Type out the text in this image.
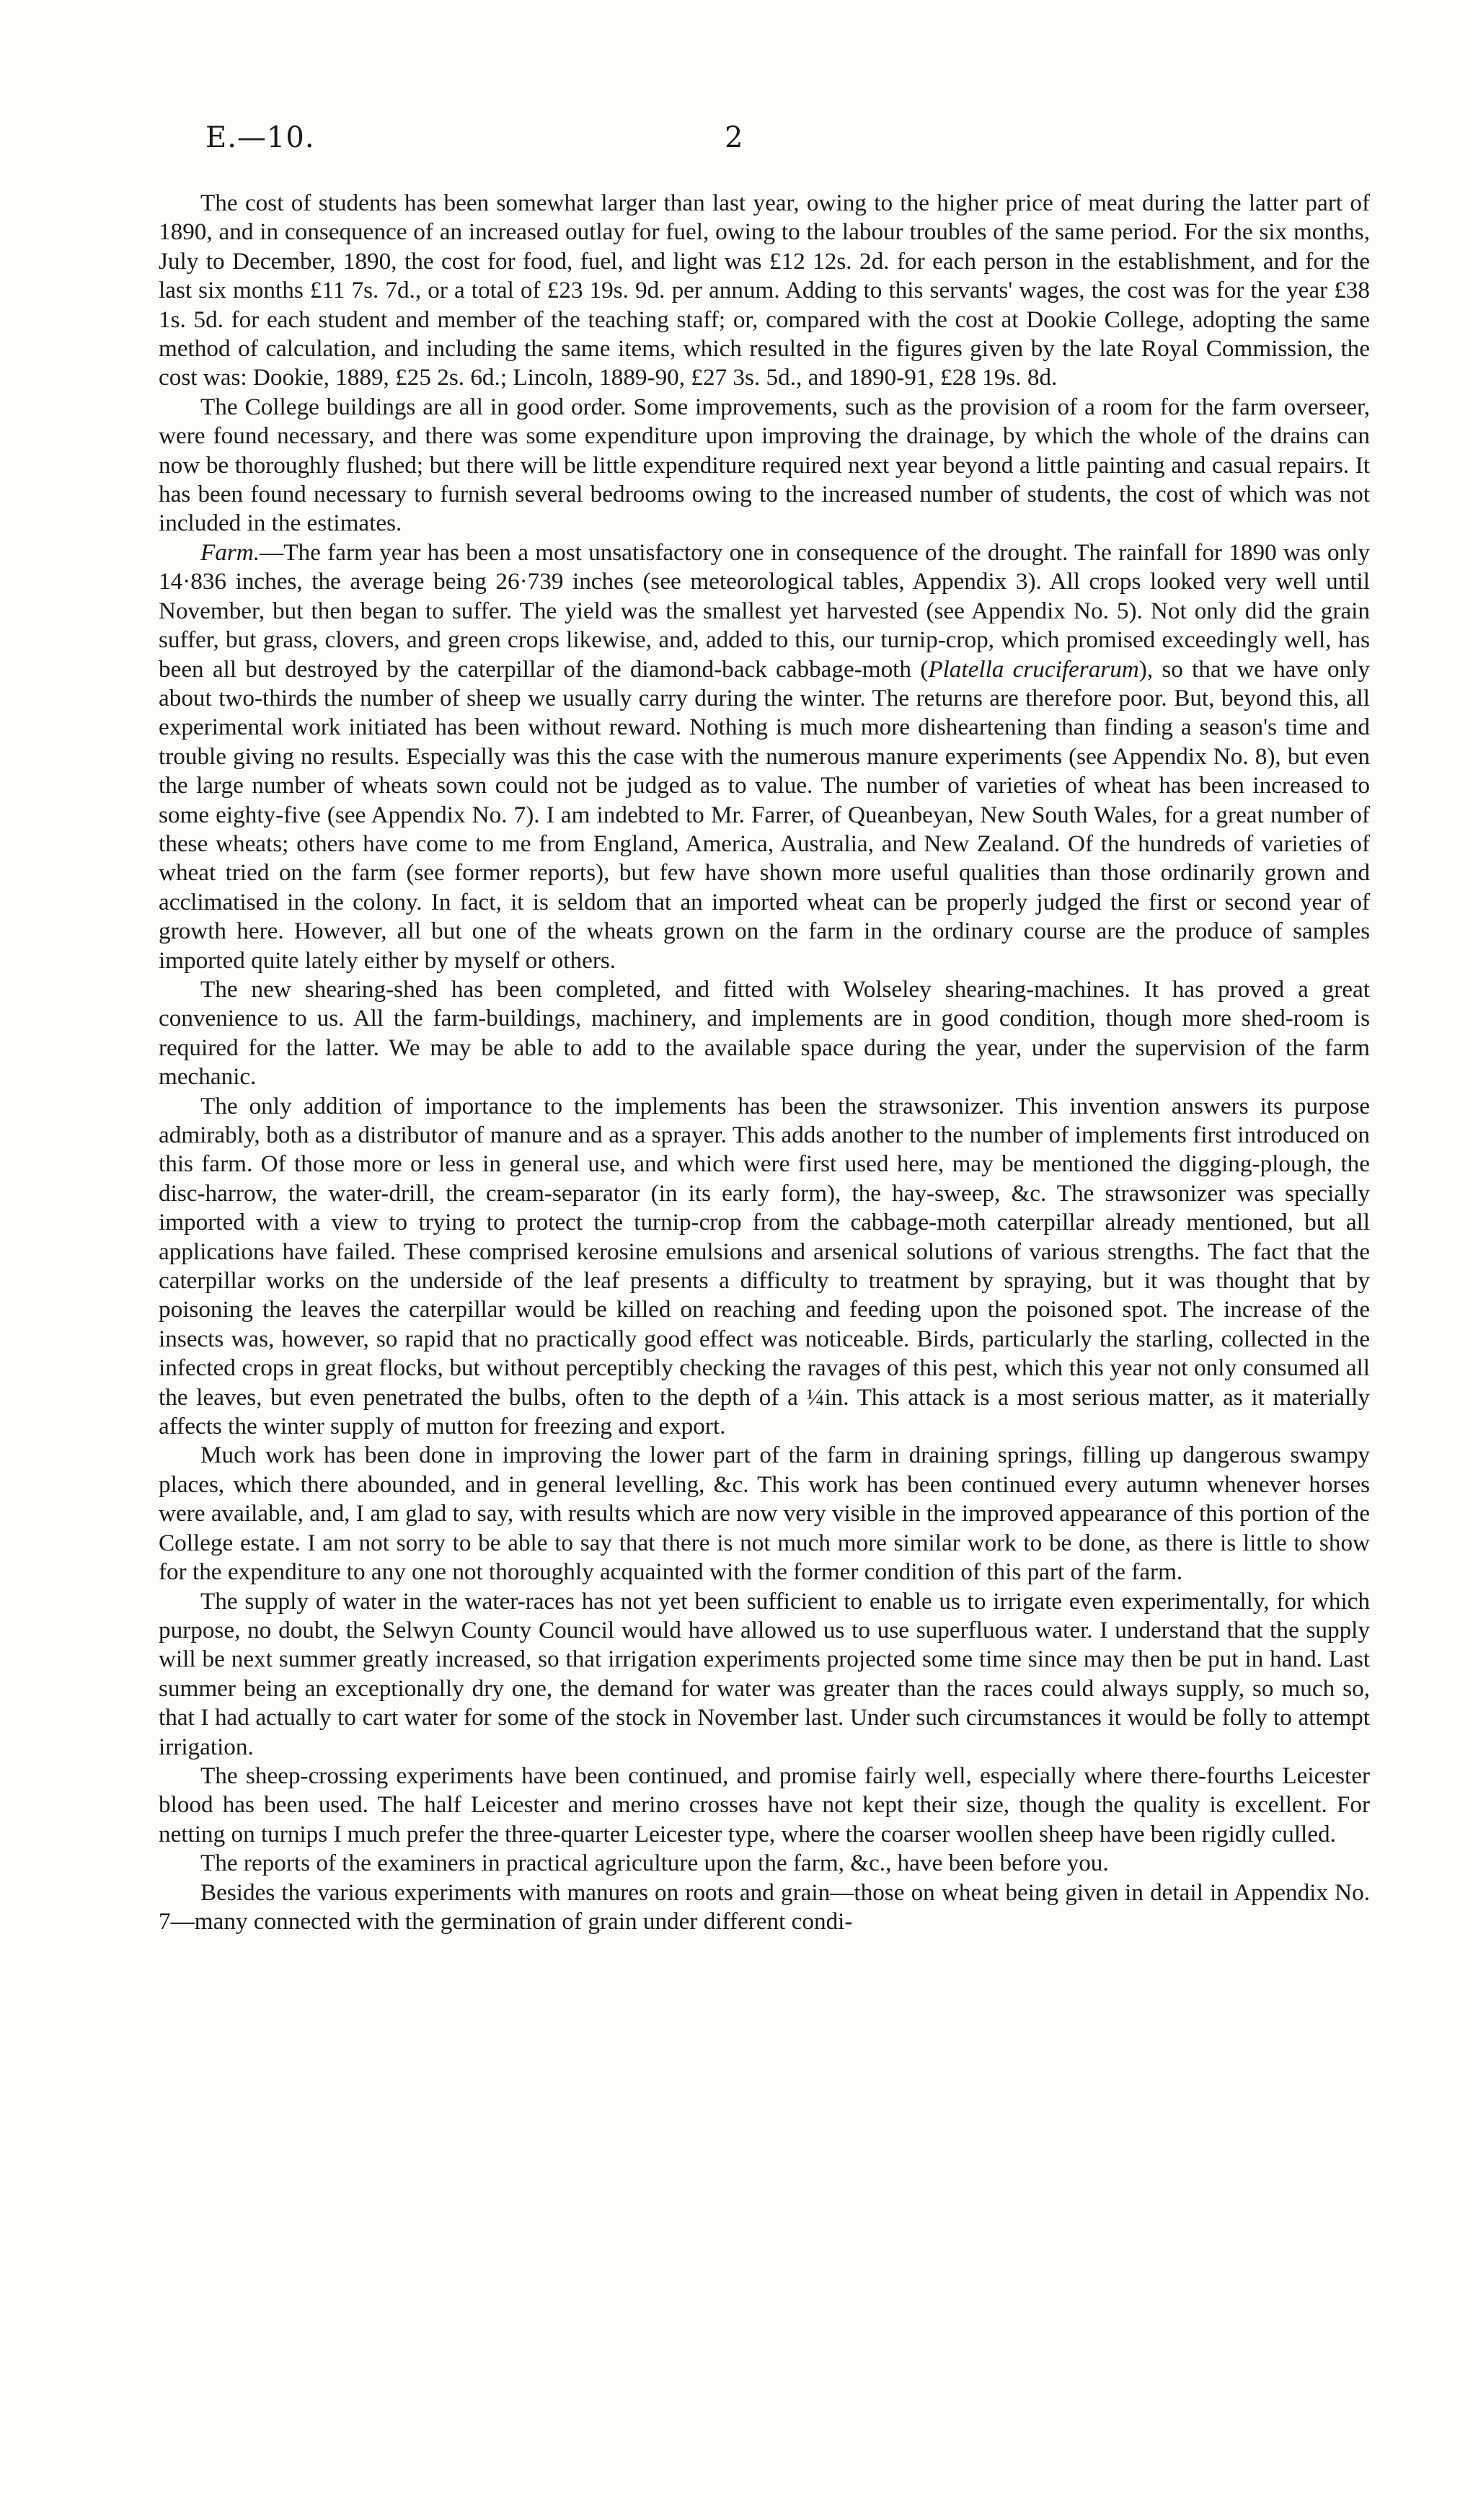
E.—10.	2

The cost of students has been somewhat larger than last year, owing to the higher price of meat during the latter part of 1890, and in consequence of an increased outlay for fuel, owing to the labour troubles of the same period. For the six months, July to December, 1890, the cost for food, fuel, and light was £12 12s. 2d. for each person in the establishment, and for the last six months £11 7s. 7d., or a total of £23 19s. 9d. per annum. Adding to this servants' wages, the cost was for the year £38 1s. 5d. for each student and member of the teaching staff; or, compared with the cost at Dookie College, adopting the same method of calculation, and including the same items, which resulted in the figures given by the late Royal Commission, the cost was: Dookie, 1889, £25 2s. 6d.; Lincoln, 1889-90, £27 3s. 5d., and 1890-91, £28 19s. 8d.

The College buildings are all in good order. Some improvements, such as the provision of a room for the farm overseer, were found necessary, and there was some expenditure upon improving the drainage, by which the whole of the drains can now be thoroughly flushed; but there will be little expenditure required next year beyond a little painting and casual repairs. It has been found necessary to furnish several bedrooms owing to the increased number of students, the cost of which was not included in the estimates.

Farm.—The farm year has been a most unsatisfactory one in consequence of the drought. The rainfall for 1890 was only 14·836 inches, the average being 26·739 inches (see meteorological tables, Appendix 3). All crops looked very well until November, but then began to suffer. The yield was the smallest yet harvested (see Appendix No. 5). Not only did the grain suffer, but grass, clovers, and green crops likewise, and, added to this, our turnip-crop, which promised exceedingly well, has been all but destroyed by the caterpillar of the diamond-back cabbage-moth (Platella cruciferarum), so that we have only about two-thirds the number of sheep we usually carry during the winter. The returns are therefore poor. But, beyond this, all experimental work initiated has been without reward. Nothing is much more disheartening than finding a season's time and trouble giving no results. Especially was this the case with the numerous manure experiments (see Appendix No. 8), but even the large number of wheats sown could not be judged as to value. The number of varieties of wheat has been increased to some eighty-five (see Appendix No. 7). I am indebted to Mr. Farrer, of Queanbeyan, New South Wales, for a great number of these wheats; others have come to me from England, America, Australia, and New Zealand. Of the hundreds of varieties of wheat tried on the farm (see former reports), but few have shown more useful qualities than those ordinarily grown and acclimatised in the colony. In fact, it is seldom that an imported wheat can be properly judged the first or second year of growth here. However, all but one of the wheats grown on the farm in the ordinary course are the produce of samples imported quite lately either by myself or others.

The new shearing-shed has been completed, and fitted with Wolseley shearing-machines. It has proved a great convenience to us. All the farm-buildings, machinery, and implements are in good condition, though more shed-room is required for the latter. We may be able to add to the available space during the year, under the supervision of the farm mechanic.

The only addition of importance to the implements has been the strawsonizer. This invention answers its purpose admirably, both as a distributor of manure and as a sprayer. This adds another to the number of implements first introduced on this farm. Of those more or less in general use, and which were first used here, may be mentioned the digging-plough, the disc-harrow, the water-drill, the cream-separator (in its early form), the hay-sweep, &c. The strawsonizer was specially imported with a view to trying to protect the turnip-crop from the cabbage-moth caterpillar already mentioned, but all applications have failed. These comprised kerosine emulsions and arsenical solutions of various strengths. The fact that the caterpillar works on the underside of the leaf presents a difficulty to treatment by spraying, but it was thought that by poisoning the leaves the caterpillar would be killed on reaching and feeding upon the poisoned spot. The increase of the insects was, however, so rapid that no practically good effect was noticeable. Birds, particularly the starling, collected in the infected crops in great flocks, but without perceptibly checking the ravages of this pest, which this year not only consumed all the leaves, but even penetrated the bulbs, often to the depth of a ¼in. This attack is a most serious matter, as it materially affects the winter supply of mutton for freezing and export.

Much work has been done in improving the lower part of the farm in draining springs, filling up dangerous swampy places, which there abounded, and in general levelling, &c. This work has been continued every autumn whenever horses were available, and, I am glad to say, with results which are now very visible in the improved appearance of this portion of the College estate. I am not sorry to be able to say that there is not much more similar work to be done, as there is little to show for the expenditure to any one not thoroughly acquainted with the former condition of this part of the farm.

The supply of water in the water-races has not yet been sufficient to enable us to irrigate even experimentally, for which purpose, no doubt, the Selwyn County Council would have allowed us to use superfluous water. I understand that the supply will be next summer greatly increased, so that irrigation experiments projected some time since may then be put in hand. Last summer being an exceptionally dry one, the demand for water was greater than the races could always supply, so much so, that I had actually to cart water for some of the stock in November last. Under such circumstances it would be folly to attempt irrigation.

The sheep-crossing experiments have been continued, and promise fairly well, especially where there-fourths Leicester blood has been used. The half Leicester and merino crosses have not kept their size, though the quality is excellent. For netting on turnips I much prefer the three-quarter Leicester type, where the coarser woollen sheep have been rigidly culled.

The reports of the examiners in practical agriculture upon the farm, &c., have been before you.

Besides the various experiments with manures on roots and grain—those on wheat being given in detail in Appendix No. 7—many connected with the germination of grain under different condi-
